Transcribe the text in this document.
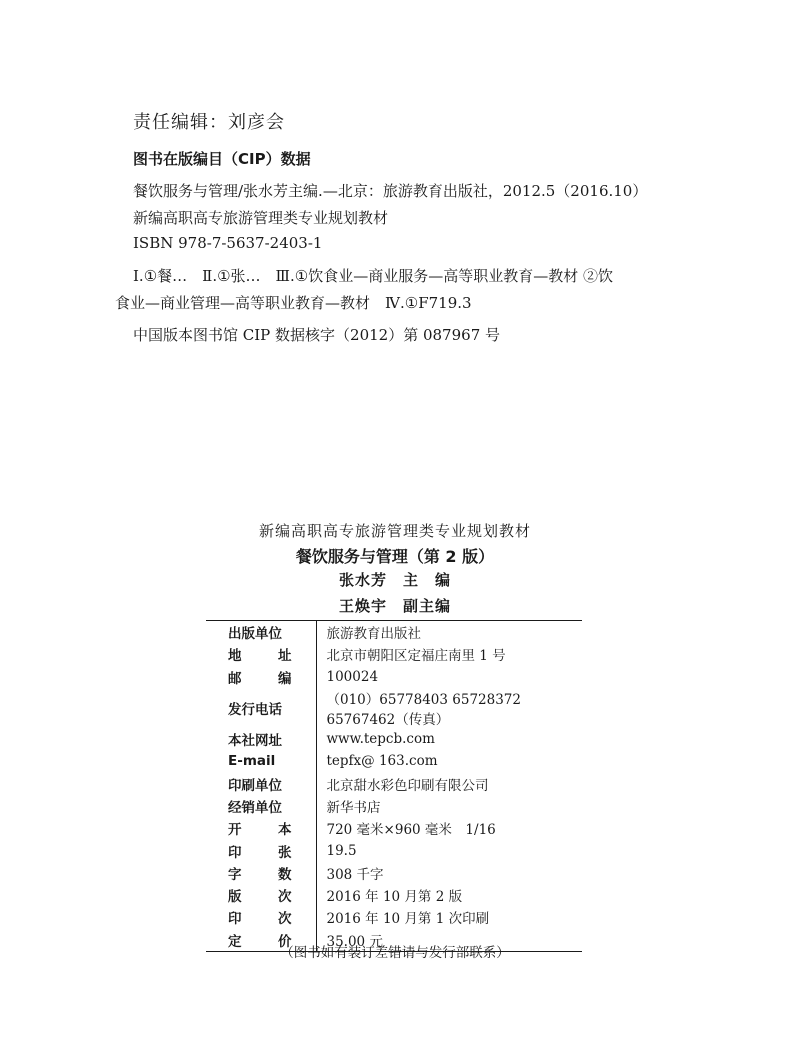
责任编辑：刘彦会
图书在版编目（CIP）数据
餐饮服务与管理/张水芳主编.—北京：旅游教育出版社，2012.5（2016.10）
新编高职高专旅游管理类专业规划教材
ISBN 978-7-5637-2403-1
Ⅰ.①餐…　Ⅱ.①张…　Ⅲ.①饮食业—商业服务—高等职业教育—教材 ②饮
食业—商业管理—高等职业教育—教材　Ⅳ.①F719.3
中国版本图书馆 CIP 数据核字（2012）第 087967 号
新编高职高专旅游管理类专业规划教材
餐饮服务与管理（第 2 版）
张水芳　主　编
王焕宇　副主编
出版单位	旅游教育出版社
地址	北京市朝阳区定福庄南里 1 号
邮编	100024
发行电话	（010）65778403 65728372 65767462（传真）
本社网址	www.tepcb.com
E-mail	tepfx@ 163.com
印刷单位	北京甜水彩色印刷有限公司
经销单位	新华书店
开本	720 毫米×960 毫米　1/16
印张	19.5
字数	308 千字
版次	2016 年 10 月第 2 版
印次	2016 年 10 月第 1 次印刷
定价	35.00 元
（图书如有装订差错请与发行部联系）
